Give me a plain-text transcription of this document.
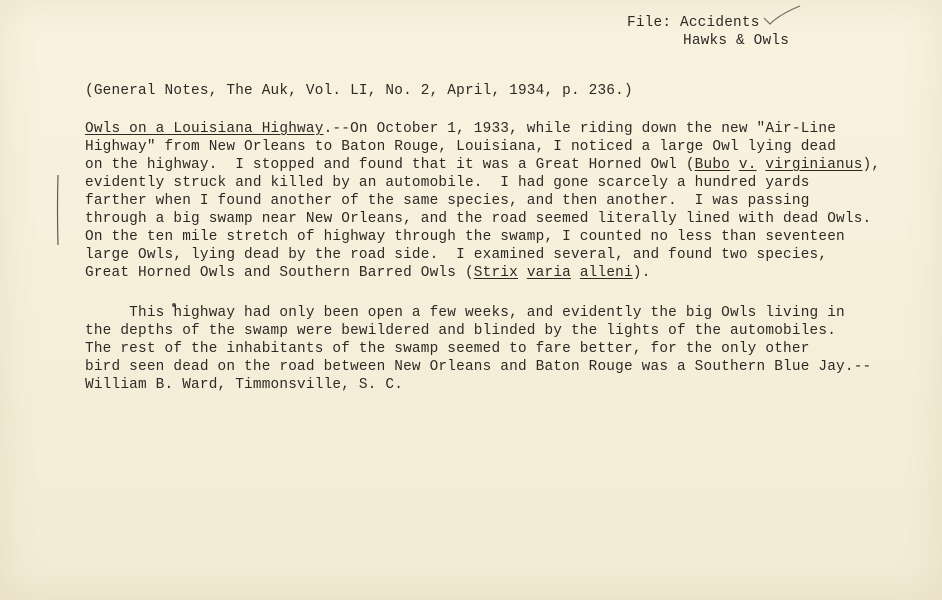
File: Accidents

Hawks & Owls

(General Notes, The Auk, Vol. LI, No. 2, April, 1934, p. 236.)

Owls on a Louisiana Highway.--On October 1, 1933, while riding down the new "Air-Line

Highway" from New Orleans to Baton Rouge, Louisiana, I noticed a large Owl lying dead

on the highway.  I stopped and found that it was a Great Horned Owl (Bubo v. virginianus),

evidently struck and killed by an automobile.  I had gone scarcely a hundred yards

farther when I found another of the same species, and then another.  I was passing

through a big swamp near New Orleans, and the road seemed literally lined with dead Owls.

On the ten mile stretch of highway through the swamp, I counted no less than seventeen

large Owls, lying dead by the road side.  I examined several, and found two species,

Great Horned Owls and Southern Barred Owls (Strix varia alleni).

This highway had only been open a few weeks, and evidently the big Owls living in

the depths of the swamp were bewildered and blinded by the lights of the automobiles.

The rest of the inhabitants of the swamp seemed to fare better, for the only other

bird seen dead on the road between New Orleans and Baton Rouge was a Southern Blue Jay.--

William B. Ward, Timmonsville, S. C.
